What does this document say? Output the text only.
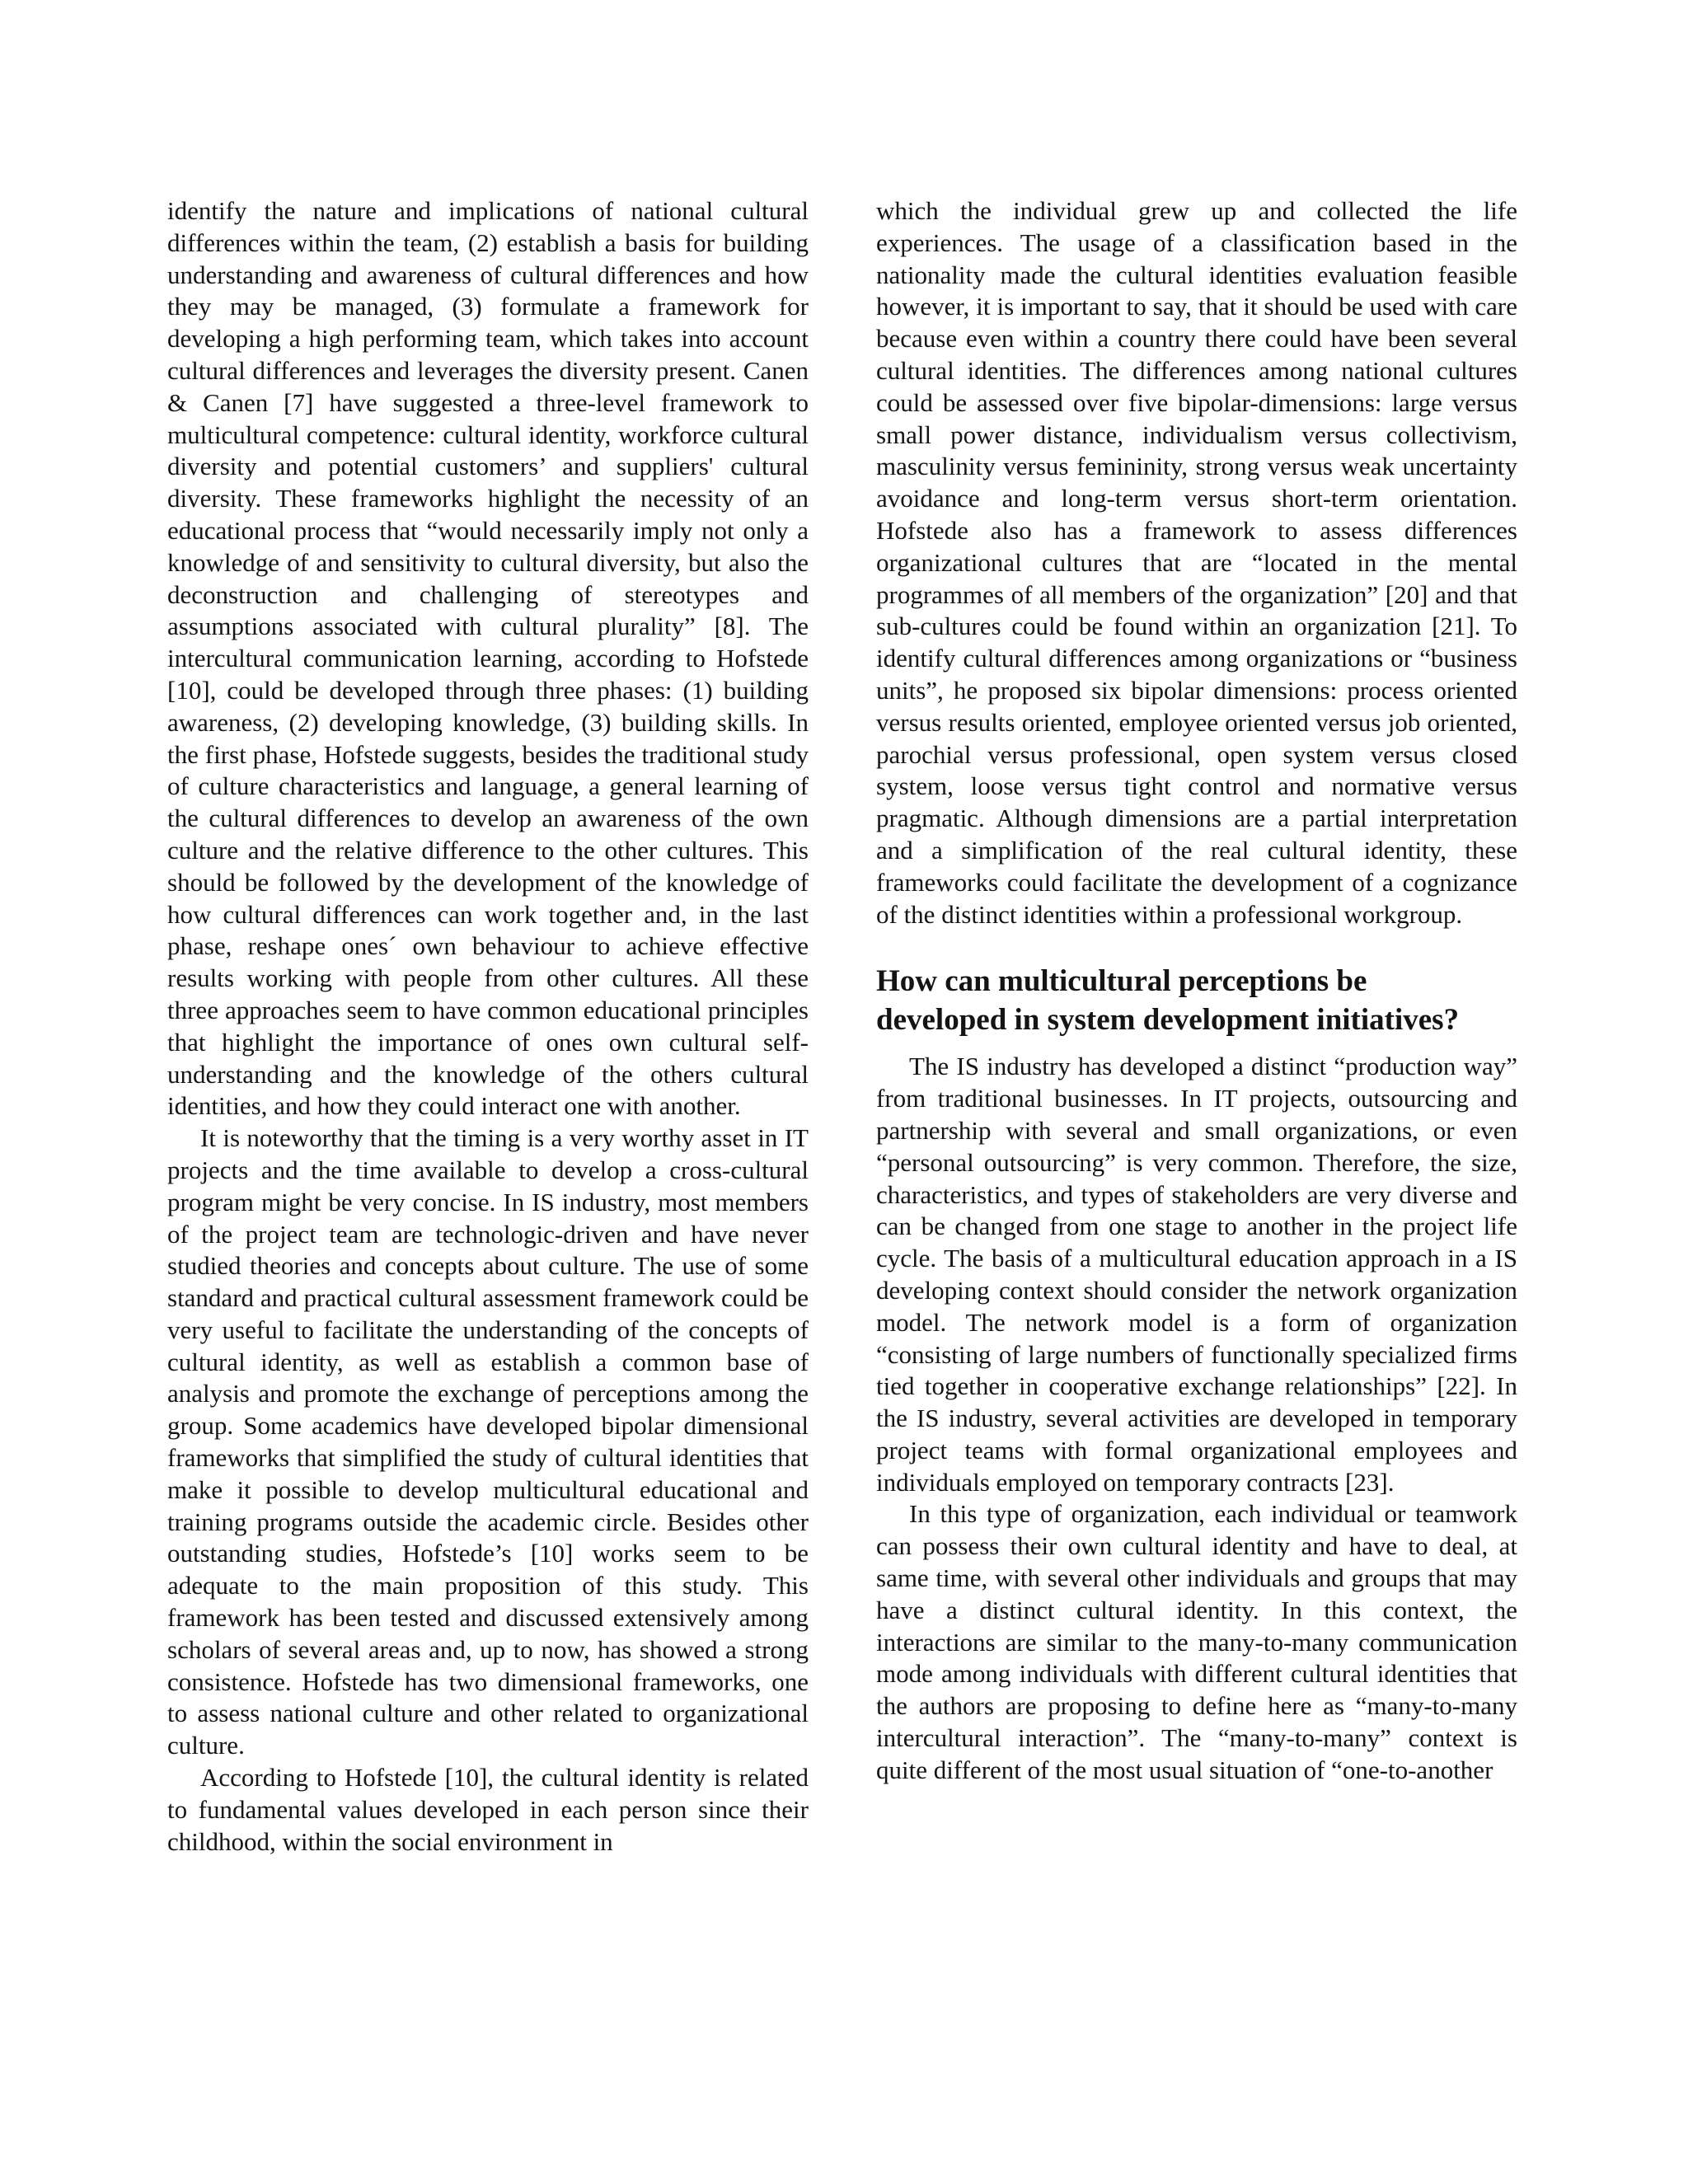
identify the nature and implications of national cultural differences within the team, (2) establish a basis for building understanding and awareness of cultural differences and how they may be managed, (3) formulate a framework for developing a high performing team, which takes into account cultural differences and leverages the diversity present. Canen & Canen [7] have suggested a three-level framework to multicultural competence: cultural identity, workforce cultural diversity and potential customers’ and suppliers' cultural diversity. These frameworks highlight the necessity of an educational process that “would necessarily imply not only a knowledge of and sensitivity to cultural diversity, but also the deconstruction and challenging of stereotypes and assumptions associated with cultural plurality” [8]. The intercultural communication learning, according to Hofstede [10], could be developed through three phases: (1) building awareness, (2) developing knowledge, (3) building skills. In the first phase, Hofstede suggests, besides the traditional study of culture characteristics and language, a general learning of the cultural differences to develop an awareness of the own culture and the relative difference to the other cultures. This should be followed by the development of the knowledge of how cultural differences can work together and, in the last phase, reshape ones´ own behaviour to achieve effective results working with people from other cultures. All these three approaches seem to have common educational principles that highlight the importance of ones own cultural self-understanding and the knowledge of the others cultural identities, and how they could interact one with another.

It is noteworthy that the timing is a very worthy asset in IT projects and the time available to develop a cross-cultural program might be very concise. In IS industry, most members of the project team are technologic-driven and have never studied theories and concepts about culture. The use of some standard and practical cultural assessment framework could be very useful to facilitate the understanding of the concepts of cultural identity, as well as establish a common base of analysis and promote the exchange of perceptions among the group. Some academics have developed bipolar dimensional frameworks that simplified the study of cultural identities that make it possible to develop multicultural educational and training programs outside the academic circle. Besides other outstanding studies, Hofstede’s [10] works seem to be adequate to the main proposition of this study. This framework has been tested and discussed extensively among scholars of several areas and, up to now, has showed a strong consistence. Hofstede has two dimensional frameworks, one to assess national culture and other related to organizational culture.

According to Hofstede [10], the cultural identity is related to fundamental values developed in each person since their childhood, within the social environment in

which the individual grew up and collected the life experiences. The usage of a classification based in the nationality made the cultural identities evaluation feasible however, it is important to say, that it should be used with care because even within a country there could have been several cultural identities. The differences among national cultures could be assessed over five bipolar-dimensions: large versus small power distance, individualism versus collectivism, masculinity versus femininity, strong versus weak uncertainty avoidance and long-term versus short-term orientation. Hofstede also has a framework to assess differences organizational cultures that are “located in the mental programmes of all members of the organization” [20] and that sub-cultures could be found within an organization [21]. To identify cultural differences among organizations or “business units”, he proposed six bipolar dimensions: process oriented versus results oriented, employee oriented versus job oriented, parochial versus professional, open system versus closed system, loose versus tight control and normative versus pragmatic. Although dimensions are a partial interpretation and a simplification of the real cultural identity, these frameworks could facilitate the development of a cognizance of the distinct identities within a professional workgroup.

How can multicultural perceptions be
developed in system development initiatives?

The IS industry has developed a distinct “production way” from traditional businesses. In IT projects, outsourcing and partnership with several and small organizations, or even “personal outsourcing” is very common. Therefore, the size, characteristics, and types of stakeholders are very diverse and can be changed from one stage to another in the project life cycle. The basis of a multicultural education approach in a IS developing context should consider the network organization model. The network model is a form of organization “consisting of large numbers of functionally specialized firms tied together in cooperative exchange relationships” [22]. In the IS industry, several activities are developed in temporary project teams with formal organizational employees and individuals employed on temporary contracts [23].

In this type of organization, each individual or teamwork can possess their own cultural identity and have to deal, at same time, with several other individuals and groups that may have a distinct cultural identity. In this context, the interactions are similar to the many-to-many communication mode among individuals with different cultural identities that the authors are proposing to define here as “many-to-many intercultural interaction”. The “many-to-many” context is quite different of the most usual situation of “one-to-another
